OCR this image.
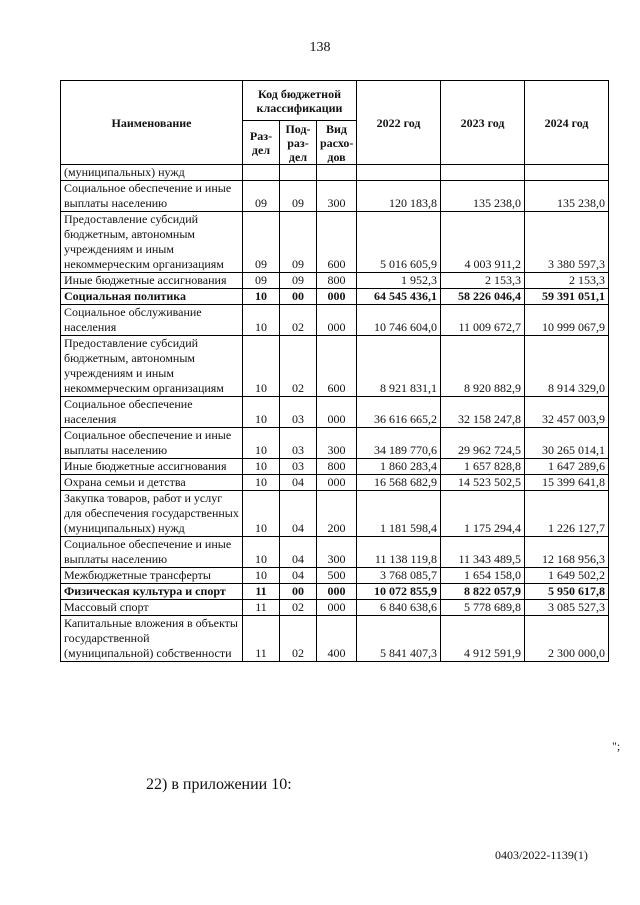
138
Наименование	Код бюджетной классификации			2022 год	2023 год	2024 год
	Раз-дел	Под-раз-дел	Вид расхо-дов			
(муниципальных) нужд						
Социальное обеспечение и иные выплаты населению	09	09	300	120 183,8	135 238,0	135 238,0
Предоставление субсидий бюджетным, автономным учреждениям и иным некоммерческим организациям	09	09	600	5 016 605,9	4 003 911,2	3 380 597,3
Иные бюджетные ассигнования	09	09	800	1 952,3	2 153,3	2 153,3
Социальная политика	10	00	000	64 545 436,1	58 226 046,4	59 391 051,1
Социальное обслуживание населения	10	02	000	10 746 604,0	11 009 672,7	10 999 067,9
Предоставление субсидий бюджетным, автономным учреждениям и иным некоммерческим организациям	10	02	600	8 921 831,1	8 920 882,9	8 914 329,0
Социальное обеспечение населения	10	03	000	36 616 665,2	32 158 247,8	32 457 003,9
Социальное обеспечение и иные выплаты населению	10	03	300	34 189 770,6	29 962 724,5	30 265 014,1
Иные бюджетные ассигнования	10	03	800	1 860 283,4	1 657 828,8	1 647 289,6
Охрана семьи и детства	10	04	000	16 568 682,9	14 523 502,5	15 399 641,8
Закупка товаров, работ и услуг для обеспечения государственных (муниципальных) нужд	10	04	200	1 181 598,4	1 175 294,4	1 226 127,7
Социальное обеспечение и иные выплаты населению	10	04	300	11 138 119,8	11 343 489,5	12 168 956,3
Межбюджетные трансферты	10	04	500	3 768 085,7	1 654 158,0	1 649 502,2
Физическая культура и спорт	11	00	000	10 072 855,9	8 822 057,9	5 950 617,8
Массовый спорт	11	02	000	6 840 638,6	5 778 689,8	3 085 527,3
Капитальные вложения в объекты государственной (муниципальной) собственности	11	02	400	5 841 407,3	4 912 591,9	2 300 000,0
";
22) в приложении 10:
0403/2022-1139(1)
